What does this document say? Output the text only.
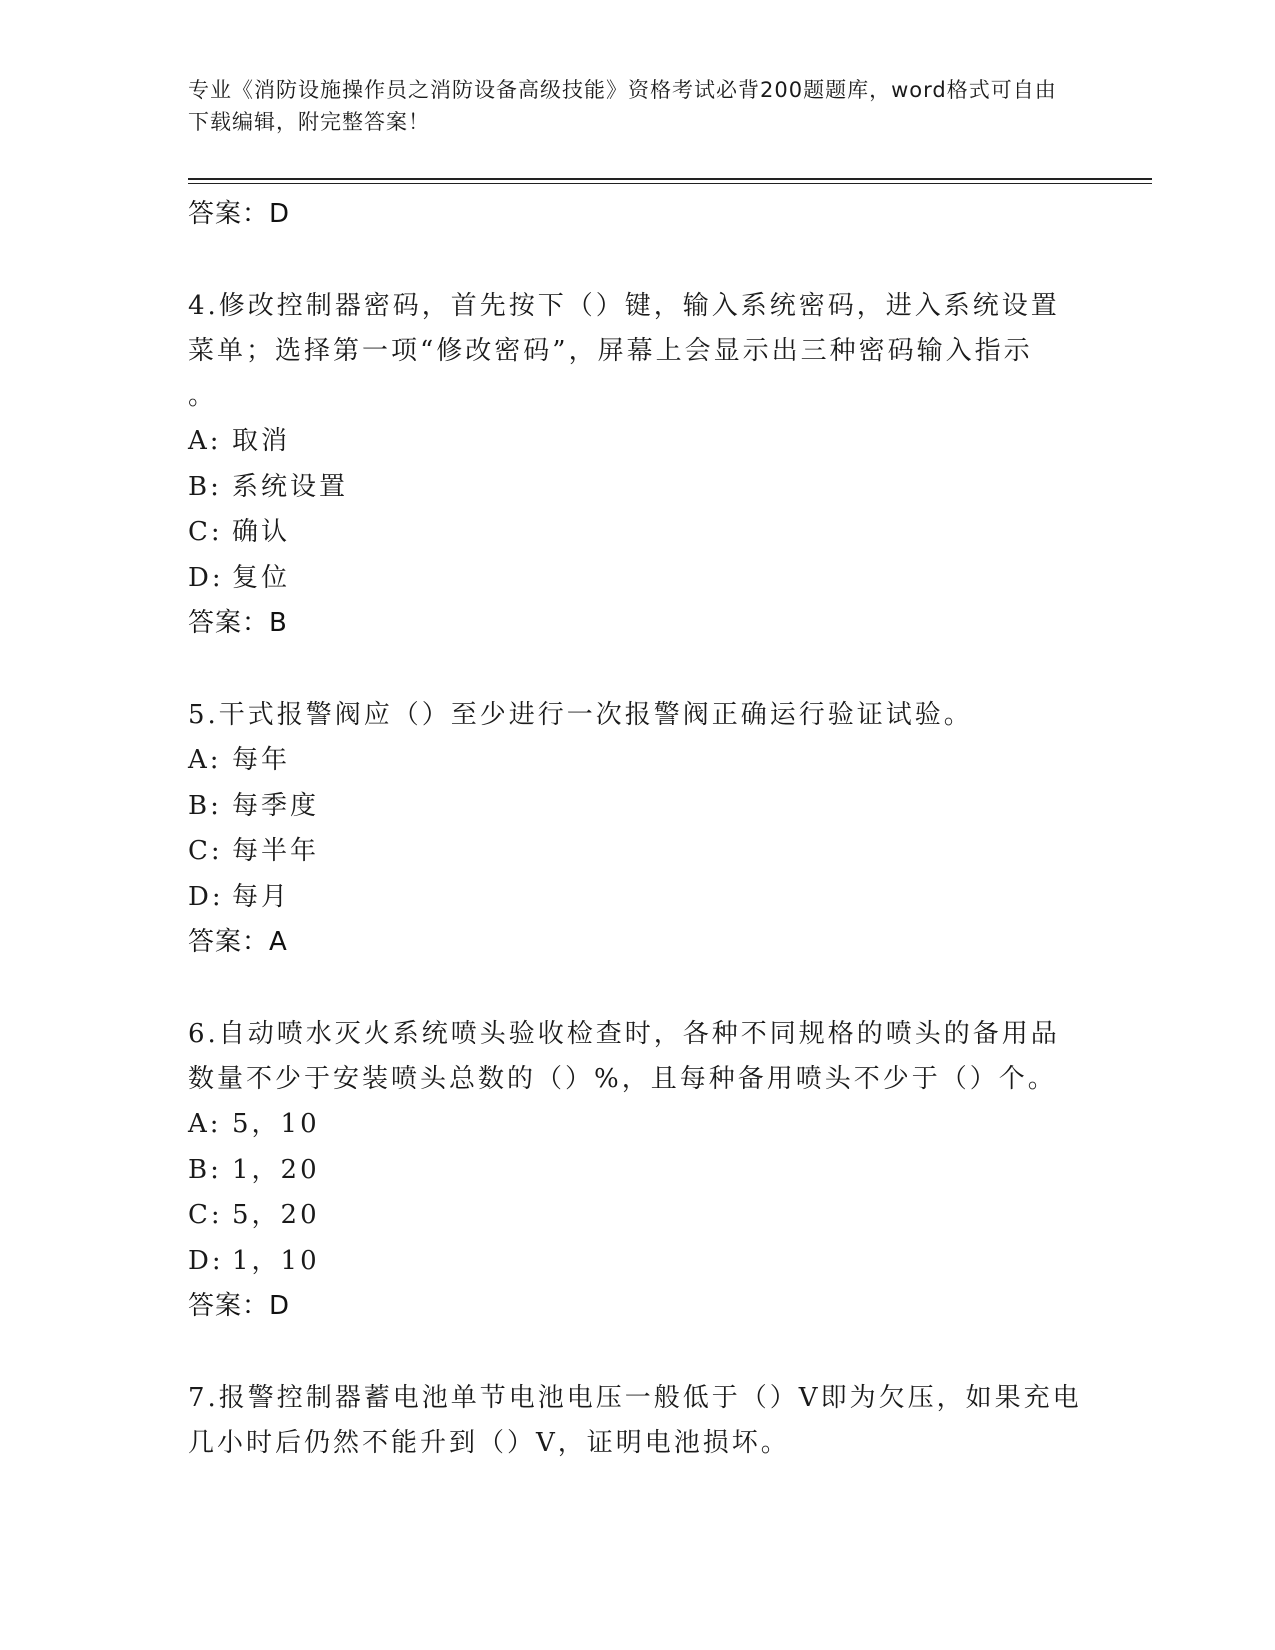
专业《消防设施操作员之消防设备高级技能》资格考试必背200题题库，word格式可自由下载编辑，附完整答案！
答案：D
4.修改控制器密码，首先按下（）键，输入系统密码，进入系统设置
菜单；选择第一项“修改密码”，屏幕上会显示出三种密码输入指示
。
A: 取消
B: 系统设置
C: 确认
D: 复位
答案：B
5.干式报警阀应（）至少进行一次报警阀正确运行验证试验。
A: 每年
B: 每季度
C: 每半年
D: 每月
答案：A
6.自动喷水灭火系统喷头验收检查时，各种不同规格的喷头的备用品
数量不少于安装喷头总数的（）%，且每种备用喷头不少于（）个。
A: 5，10
B: 1，20
C: 5，20
D: 1，10
答案：D
7.报警控制器蓄电池单节电池电压一般低于（）V即为欠压，如果充电
几小时后仍然不能升到（）V，证明电池损坏。
